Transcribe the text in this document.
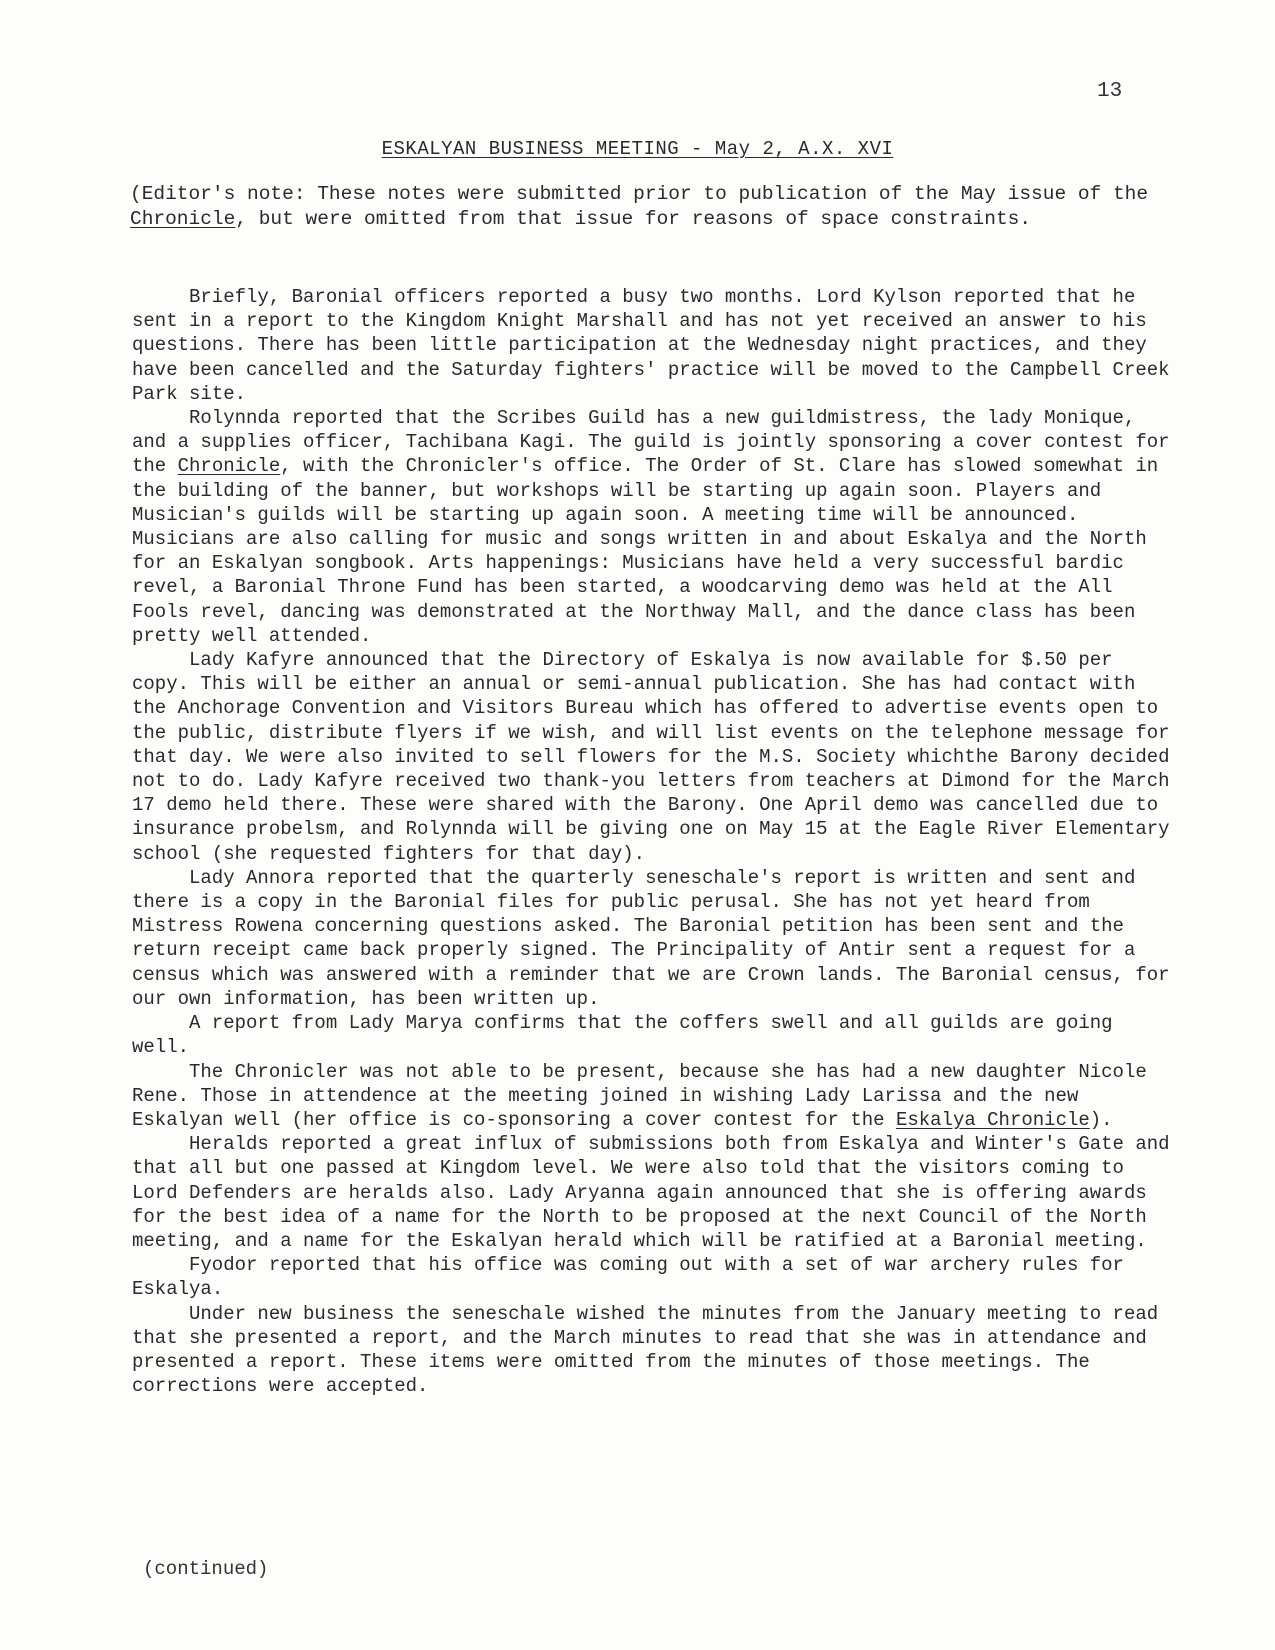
13
ESKALYAN BUSINESS MEETING - May 2, A.X. XVI

(Editor's note: These notes were submitted prior to publication of the May issue of the Chronicle, but were omitted from that issue for reasons of space constraints.

Briefly, Baronial officers reported a busy two months. Lord Kylson reported that he sent in a report to the Kingdom Knight Marshall and has not yet received an answer to his questions. There has been little participation at the Wednesday night practices, and they have been cancelled and the Saturday fighters' practice will be moved to the Campbell Creek Park site.

Rolynnda reported that the Scribes Guild has a new guildmistress, the lady Monique, and a supplies officer, Tachibana Kagi. The guild is jointly sponsoring a cover contest for the Chronicle, with the Chronicler's office. The Order of St. Clare has slowed somewhat in the building of the banner, but workshops will be starting up again soon. Players and Musician's guilds will be starting up again soon. A meeting time will be announced. Musicians are also calling for music and songs written in and about Eskalya and the North for an Eskalyan songbook. Arts happenings: Musicians have held a very successful bardic revel, a Baronial Throne Fund has been started, a woodcarving demo was held at the All Fools revel, dancing was demonstrated at the Northway Mall, and the dance class has been pretty well attended.

Lady Kafyre announced that the Directory of Eskalya is now available for $.50 per copy. This will be either an annual or semi-annual publication. She has had contact with the Anchorage Convention and Visitors Bureau which has offered to advertise events open to the public, distribute flyers if we wish, and will list events on the telephone message for that day. We were also invited to sell flowers for the M.S. Society whichthe Barony decided not to do. Lady Kafyre received two thank-you letters from teachers at Dimond for the March 17 demo held there. These were shared with the Barony. One April demo was cancelled due to insurance probelsm, and Rolynnda will be giving one on May 15 at the Eagle River Elementary school (she requested fighters for that day).

Lady Annora reported that the quarterly seneschale's report is written and sent and there is a copy in the Baronial files for public perusal. She has not yet heard from Mistress Rowena concerning questions asked. The Baronial petition has been sent and the return receipt came back properly signed. The Principality of Antir sent a request for a census which was answered with a reminder that we are Crown lands. The Baronial census, for our own information, has been written up.

A report from Lady Marya confirms that the coffers swell and all guilds are going well.

The Chronicler was not able to be present, because she has had a new daughter Nicole Rene. Those in attendence at the meeting joined in wishing Lady Larissa and the new Eskalyan well (her office is co-sponsoring a cover contest for the Eskalya Chronicle).

Heralds reported a great influx of submissions both from Eskalya and Winter's Gate and that all but one passed at Kingdom level. We were also told that the visitors coming to Lord Defenders are heralds also. Lady Aryanna again announced that she is offering awards for the best idea of a name for the North to be proposed at the next Council of the North meeting, and a name for the Eskalyan herald which will be ratified at a Baronial meeting.

Fyodor reported that his office was coming out with a set of war archery rules for Eskalya.

Under new business the seneschale wished the minutes from the January meeting to read that she presented a report, and the March minutes to read that she was in attendance and presented a report. These items were omitted from the minutes of those meetings. The corrections were accepted.

(continued)
